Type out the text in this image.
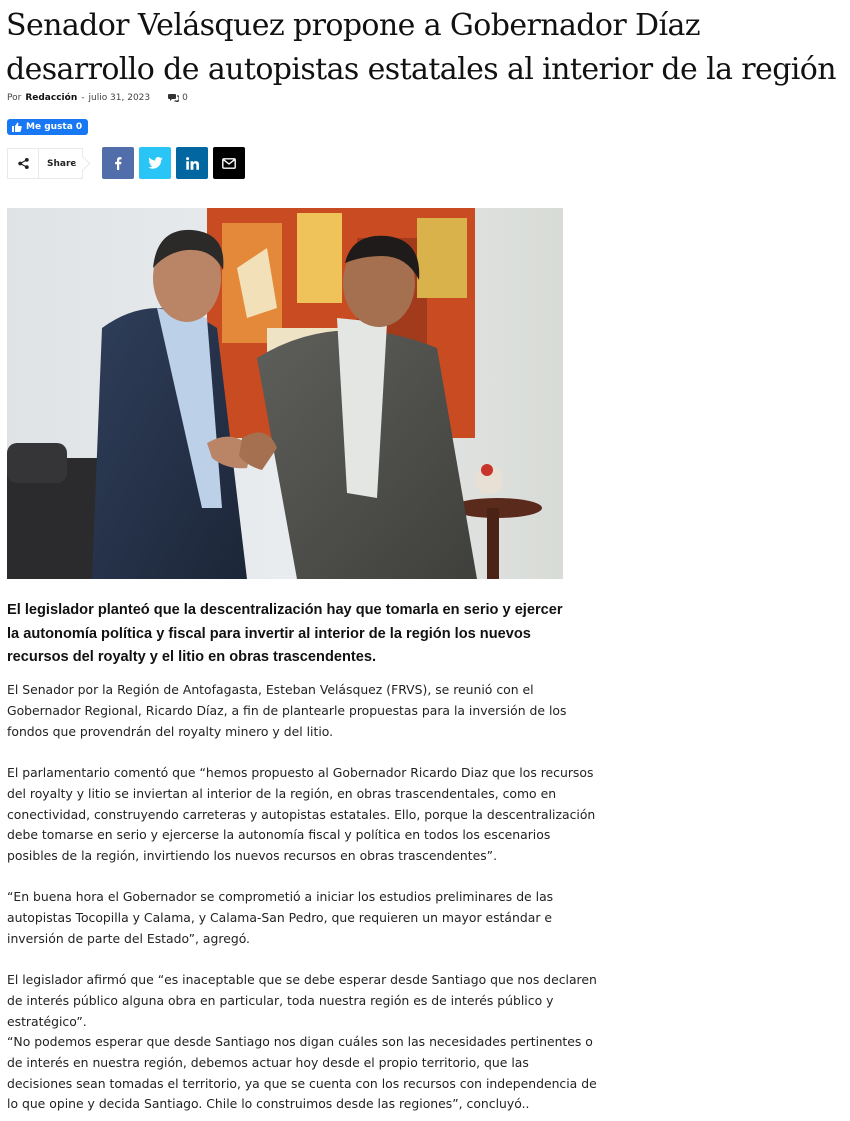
Senador Velásquez propone a Gobernador Díaz desarrollo de autopistas estatales al interior de la región
Por Redacción - julio 31, 2023	0
Me gusta 0
Share

El legislador planteó que la descentralización hay que tomarla en serio y ejercer la autonomía política y fiscal para invertir al interior de la región los nuevos recursos del royalty y el litio en obras trascendentes.

El Senador por la Región de Antofagasta, Esteban Velásquez (FRVS), se reunió con el Gobernador Regional, Ricardo Díaz, a fin de plantearle propuestas para la inversión de los fondos que provendrán del royalty minero y del litio.

El parlamentario comentó que “hemos propuesto al Gobernador Ricardo Diaz que los recursos del royalty y litio se inviertan al interior de la región, en obras trascendentales, como en conectividad, construyendo carreteras y autopistas estatales. Ello, porque la descentralización debe tomarse en serio y ejercerse la autonomía fiscal y política en todos los escenarios posibles de la región, invirtiendo los nuevos recursos en obras trascendentes”.

“En buena hora el Gobernador se comprometió a iniciar los estudios preliminares de las autopistas Tocopilla y Calama, y Calama-San Pedro, que requieren un mayor estándar e inversión de parte del Estado”, agregó.

El legislador afirmó que “es inaceptable que se debe esperar desde Santiago que nos declaren de interés público alguna obra en particular, toda nuestra región es de interés público y estratégico”.

“No podemos esperar que desde Santiago nos digan cuáles son las necesidades pertinentes o de interés en nuestra región, debemos actuar hoy desde el propio territorio, que las decisiones sean tomadas el territorio, ya que se cuenta con los recursos con independencia de lo que opine y decida Santiago. Chile lo construimos desde las regiones”, concluyó..
